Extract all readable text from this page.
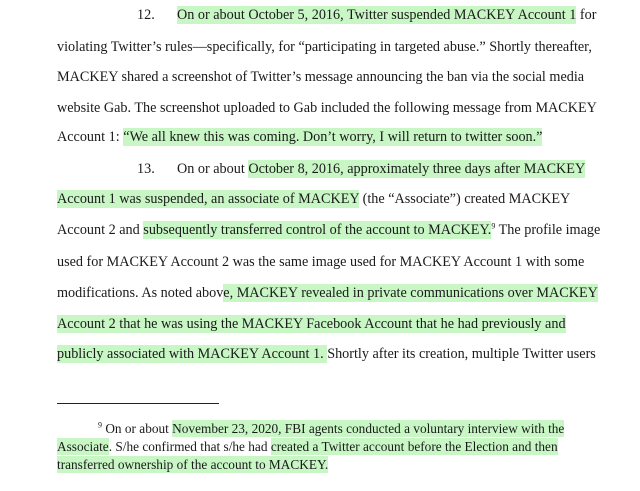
12. On or about October 5, 2016, Twitter suspended MACKEY Account 1 for
violating Twitter’s rules—specifically, for “participating in targeted abuse.” Shortly thereafter,
MACKEY shared a screenshot of Twitter’s message announcing the ban via the social media
website Gab. The screenshot uploaded to Gab included the following message from MACKEY
Account 1: “We all knew this was coming. Don’t worry, I will return to twitter soon.”
13. On or about October 8, 2016, approximately three days after MACKEY
Account 1 was suspended, an associate of MACKEY (the “Associate”) created MACKEY
Account 2 and subsequently transferred control of the account to MACKEY.$^9$ The profile image
used for MACKEY Account 2 was the same image used for MACKEY Account 1 with some
modifications. As noted above, MACKEY revealed in private communications over MACKEY
Account 2 that he was using the MACKEY Facebook Account that he had previously and
publicly associated with MACKEY Account 1. Shortly after its creation, multiple Twitter users
$^9$ On or about November 23, 2020, FBI agents conducted a voluntary interview with the
Associate. S/he confirmed that s/he had created a Twitter account before the Election and then
transferred ownership of the account to MACKEY.
